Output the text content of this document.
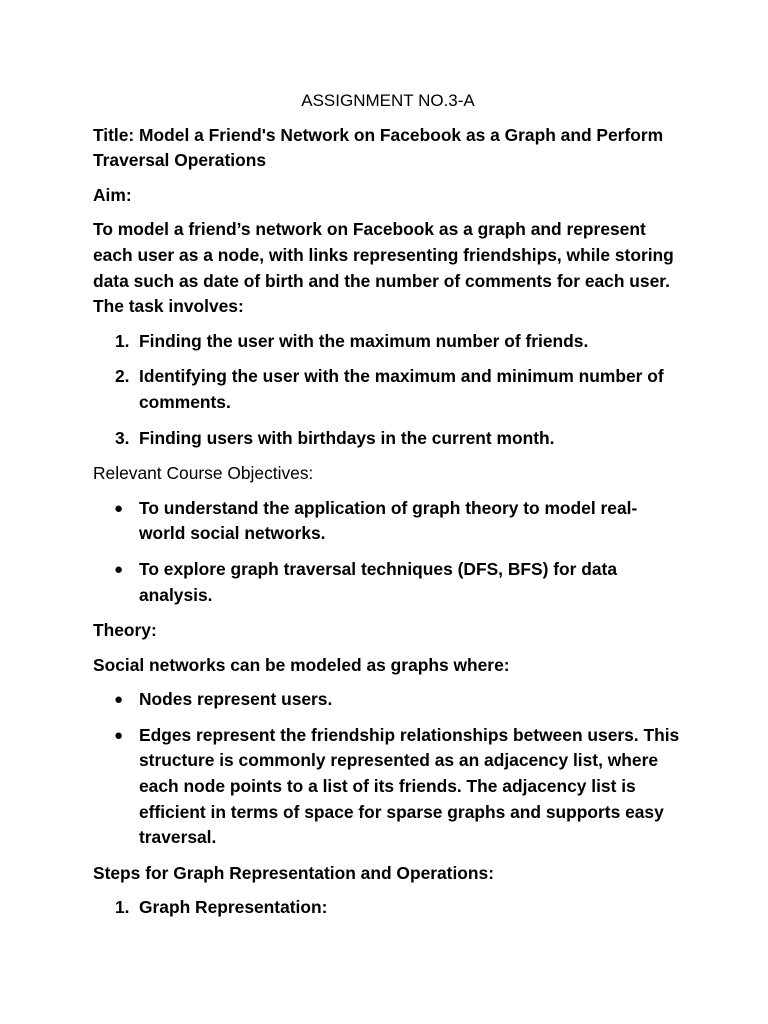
ASSIGNMENT NO.3-A

Title: Model a Friend's Network on Facebook as a Graph and Perform Traversal Operations

Aim:

To model a friend’s network on Facebook as a graph and represent each user as a node, with links representing friendships, while storing data such as date of birth and the number of comments for each user. The task involves:

1. Finding the user with the maximum number of friends.
2. Identifying the user with the maximum and minimum number of comments.
3. Finding users with birthdays in the current month.

Relevant Course Objectives:

● To understand the application of graph theory to model real-world social networks.
● To explore graph traversal techniques (DFS, BFS) for data analysis.

Theory:

Social networks can be modeled as graphs where:

● Nodes represent users.
● Edges represent the friendship relationships between users. This structure is commonly represented as an adjacency list, where each node points to a list of its friends. The adjacency list is efficient in terms of space for sparse graphs and supports easy traversal.

Steps for Graph Representation and Operations:

1. Graph Representation:
